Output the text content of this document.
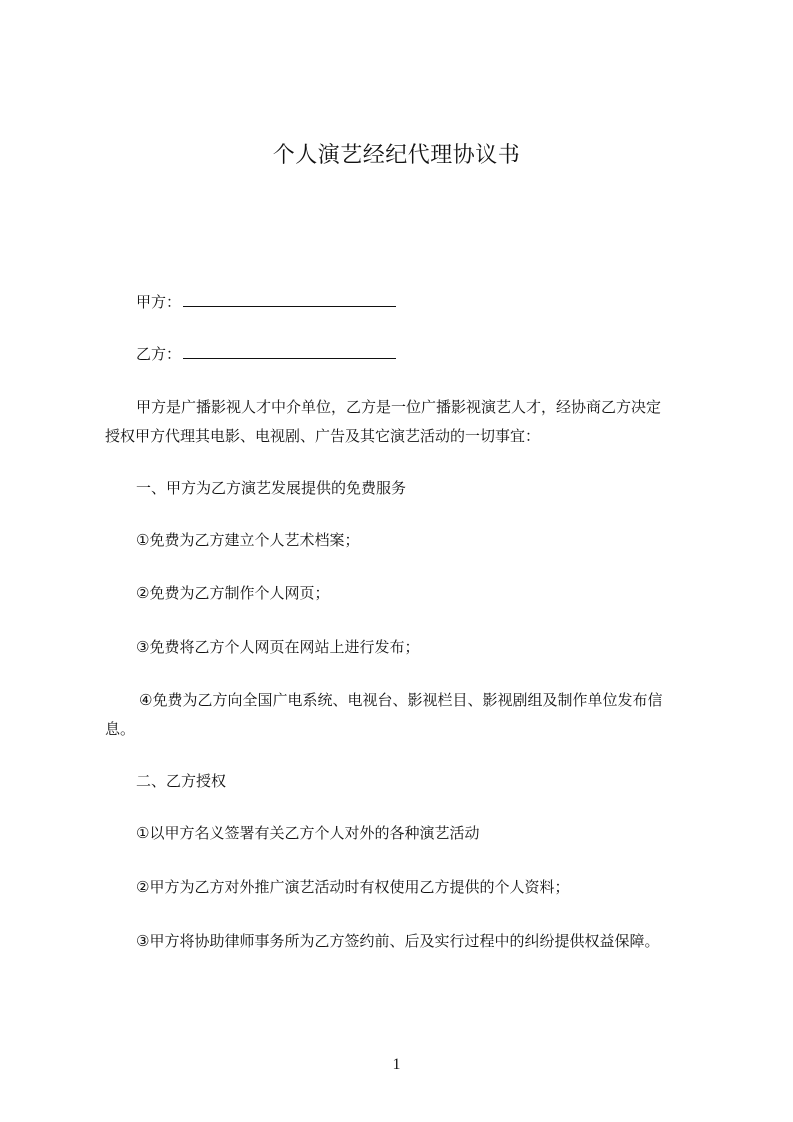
个人演艺经纪代理协议书
甲方：
乙方：
甲方是广播影视人才中介单位，乙方是一位广播影视演艺人才，经协商乙方决定
授权甲方代理其电影、电视剧、广告及其它演艺活动的一切事宜：
一、甲方为乙方演艺发展提供的免费服务
①免费为乙方建立个人艺术档案；
②免费为乙方制作个人网页；
③免费将乙方个人网页在网站上进行发布；
④免费为乙方向全国广电系统、电视台、影视栏目、影视剧组及制作单位发布信
息。
二、乙方授权
①以甲方名义签署有关乙方个人对外的各种演艺活动
②甲方为乙方对外推广演艺活动时有权使用乙方提供的个人资料；
③甲方将协助律师事务所为乙方签约前、后及实行过程中的纠纷提供权益保障。
1
